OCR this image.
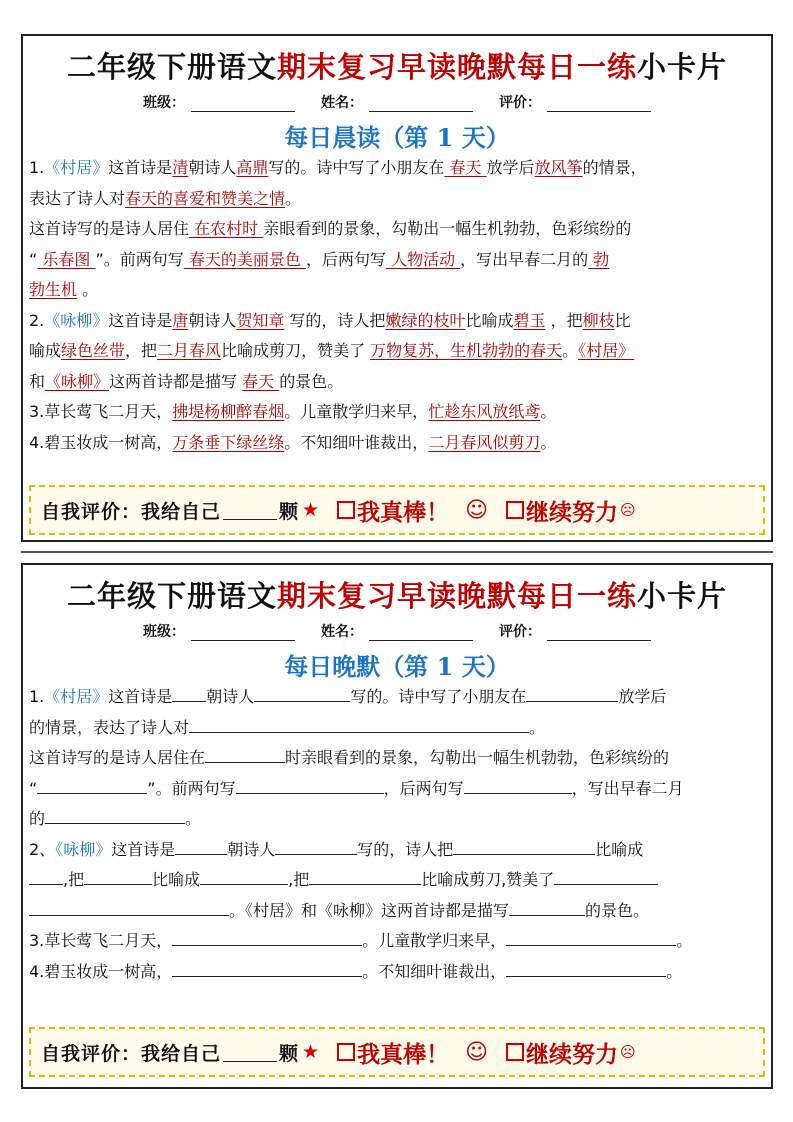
二年级下册语文期末复习早读晚默每日一练小卡片
班级：	姓名：	评价：
每日晨读（第 1 天）

1.《村居》这首诗是清朝诗人高鼎写的。诗中写了小朋友在 春天 放学后放风筝的情景，

表达了诗人对春天的喜爱和赞美之情。

这首诗写的是诗人居住 在农村时 亲眼看到的景象，勾勒出一幅生机勃勃，色彩缤纷的

“ 乐春图 ”。前两句写 春天的美丽景色 ，后两句写 人物活动 ，写出早春二月的 勃

勃生机 。

2.《咏柳》这首诗是唐朝诗人贺知章 写的，诗人把嫩绿的枝叶比喻成碧玉 ，把柳枝比

喻成绿色丝带，把二月春风比喻成剪刀，赞美了 万物复苏，生机勃勃的春天。《村居》

和《咏柳》这两首诗都是描写 春天 的景色。

3.草长莺飞二月天，拂堤杨柳醉春烟。儿童散学归来早，忙趁东风放纸鸢。

4.碧玉妆成一树高，万条垂下绿丝绦。不知细叶谁裁出，二月春风似剪刀。

自我评价：我给自己	颗 ★ 我真棒！ ☺ 继续努力 ☹
二年级下册语文期末复习早读晚默每日一练小卡片
班级：	姓名：	评价：
每日晚默（第 1 天）

1.《村居》这首诗是 朝诗人	写的。诗中写了小朋友在	放学后

的情景，表达了诗人对	。

这首诗写的是诗人居住在	时亲眼看到的景象，勾勒出一幅生机勃勃，色彩缤纷的

“	”。前两句写	，后两句写	，写出早春二月

的	。

2、《咏柳》这首诗是	朝诗人	写的，诗人把	比喻成

,把	比喻成	,把	比喻成剪刀,赞美了

。《村居》和《咏柳》这两首诗都是描写	的景色。

3.草长莺飞二月天，	。儿童散学归来早，	。

4.碧玉妆成一树高，	。不知细叶谁裁出，	。

自我评价：我给自己	颗 ★ 我真棒！ ☺ 继续努力 ☹
